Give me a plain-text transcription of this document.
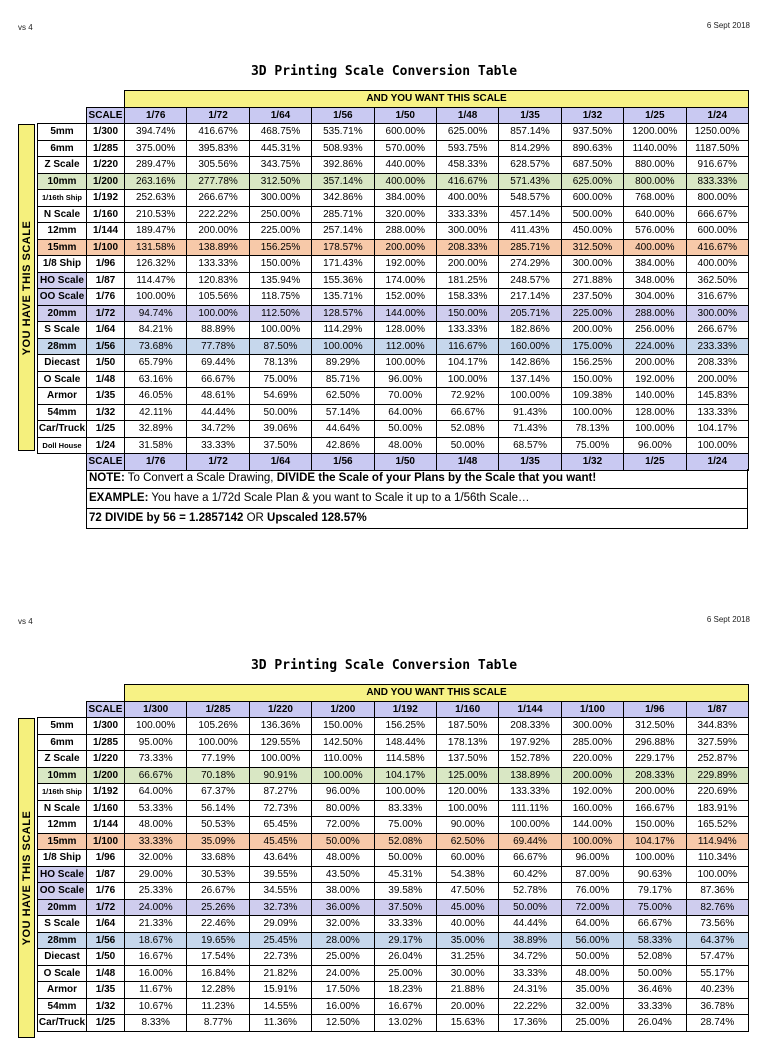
vs 4	6 Sept 2018
3D Printing Scale Conversion Table
YOU HAVE THIS SCALE
		AND YOU WANT THIS SCALE									
	SCALE	1/76	1/72	1/64	1/56	1/50	1/48	1/35	1/32	1/25	1/24
5mm	1/300	394.74%	416.67%	468.75%	535.71%	600.00%	625.00%	857.14%	937.50%	1200.00%	1250.00%
6mm	1/285	375.00%	395.83%	445.31%	508.93%	570.00%	593.75%	814.29%	890.63%	1140.00%	1187.50%
Z Scale	1/220	289.47%	305.56%	343.75%	392.86%	440.00%	458.33%	628.57%	687.50%	880.00%	916.67%
10mm	1/200	263.16%	277.78%	312.50%	357.14%	400.00%	416.67%	571.43%	625.00%	800.00%	833.33%
1/16th Ship	1/192	252.63%	266.67%	300.00%	342.86%	384.00%	400.00%	548.57%	600.00%	768.00%	800.00%
N Scale	1/160	210.53%	222.22%	250.00%	285.71%	320.00%	333.33%	457.14%	500.00%	640.00%	666.67%
12mm	1/144	189.47%	200.00%	225.00%	257.14%	288.00%	300.00%	411.43%	450.00%	576.00%	600.00%
15mm	1/100	131.58%	138.89%	156.25%	178.57%	200.00%	208.33%	285.71%	312.50%	400.00%	416.67%
1/8 Ship	1/96	126.32%	133.33%	150.00%	171.43%	192.00%	200.00%	274.29%	300.00%	384.00%	400.00%
HO Scale	1/87	114.47%	120.83%	135.94%	155.36%	174.00%	181.25%	248.57%	271.88%	348.00%	362.50%
OO Scale	1/76	100.00%	105.56%	118.75%	135.71%	152.00%	158.33%	217.14%	237.50%	304.00%	316.67%
20mm	1/72	94.74%	100.00%	112.50%	128.57%	144.00%	150.00%	205.71%	225.00%	288.00%	300.00%
S Scale	1/64	84.21%	88.89%	100.00%	114.29%	128.00%	133.33%	182.86%	200.00%	256.00%	266.67%
28mm	1/56	73.68%	77.78%	87.50%	100.00%	112.00%	116.67%	160.00%	175.00%	224.00%	233.33%
Diecast	1/50	65.79%	69.44%	78.13%	89.29%	100.00%	104.17%	142.86%	156.25%	200.00%	208.33%
O Scale	1/48	63.16%	66.67%	75.00%	85.71%	96.00%	100.00%	137.14%	150.00%	192.00%	200.00%
Armor	1/35	46.05%	48.61%	54.69%	62.50%	70.00%	72.92%	100.00%	109.38%	140.00%	145.83%
54mm	1/32	42.11%	44.44%	50.00%	57.14%	64.00%	66.67%	91.43%	100.00%	128.00%	133.33%
Car/Truck	1/25	32.89%	34.72%	39.06%	44.64%	50.00%	52.08%	71.43%	78.13%	100.00%	104.17%
Doll House	1/24	31.58%	33.33%	37.50%	42.86%	48.00%	50.00%	68.57%	75.00%	96.00%	100.00%
	SCALE	1/76	1/72	1/64	1/56	1/50	1/48	1/35	1/32	1/25	1/24
NOTE: To Convert a Scale Drawing, DIVIDE the Scale of your Plans by the Scale that you want!
EXAMPLE: You have a 1/72d Scale Plan & you want to Scale it up to a 1/56th Scale…
72 DIVIDE by 56 = 1.2857142 OR Upscaled 128.57%
vs 4	6 Sept 2018
3D Printing Scale Conversion Table
YOU HAVE THIS SCALE
		AND YOU WANT THIS SCALE									
	SCALE	1/300	1/285	1/220	1/200	1/192	1/160	1/144	1/100	1/96	1/87
5mm	1/300	100.00%	105.26%	136.36%	150.00%	156.25%	187.50%	208.33%	300.00%	312.50%	344.83%
6mm	1/285	95.00%	100.00%	129.55%	142.50%	148.44%	178.13%	197.92%	285.00%	296.88%	327.59%
Z Scale	1/220	73.33%	77.19%	100.00%	110.00%	114.58%	137.50%	152.78%	220.00%	229.17%	252.87%
10mm	1/200	66.67%	70.18%	90.91%	100.00%	104.17%	125.00%	138.89%	200.00%	208.33%	229.89%
1/16th Ship	1/192	64.00%	67.37%	87.27%	96.00%	100.00%	120.00%	133.33%	192.00%	200.00%	220.69%
N Scale	1/160	53.33%	56.14%	72.73%	80.00%	83.33%	100.00%	111.11%	160.00%	166.67%	183.91%
12mm	1/144	48.00%	50.53%	65.45%	72.00%	75.00%	90.00%	100.00%	144.00%	150.00%	165.52%
15mm	1/100	33.33%	35.09%	45.45%	50.00%	52.08%	62.50%	69.44%	100.00%	104.17%	114.94%
1/8 Ship	1/96	32.00%	33.68%	43.64%	48.00%	50.00%	60.00%	66.67%	96.00%	100.00%	110.34%
HO Scale	1/87	29.00%	30.53%	39.55%	43.50%	45.31%	54.38%	60.42%	87.00%	90.63%	100.00%
OO Scale	1/76	25.33%	26.67%	34.55%	38.00%	39.58%	47.50%	52.78%	76.00%	79.17%	87.36%
20mm	1/72	24.00%	25.26%	32.73%	36.00%	37.50%	45.00%	50.00%	72.00%	75.00%	82.76%
S Scale	1/64	21.33%	22.46%	29.09%	32.00%	33.33%	40.00%	44.44%	64.00%	66.67%	73.56%
28mm	1/56	18.67%	19.65%	25.45%	28.00%	29.17%	35.00%	38.89%	56.00%	58.33%	64.37%
Diecast	1/50	16.67%	17.54%	22.73%	25.00%	26.04%	31.25%	34.72%	50.00%	52.08%	57.47%
O Scale	1/48	16.00%	16.84%	21.82%	24.00%	25.00%	30.00%	33.33%	48.00%	50.00%	55.17%
Armor	1/35	11.67%	12.28%	15.91%	17.50%	18.23%	21.88%	24.31%	35.00%	36.46%	40.23%
54mm	1/32	10.67%	11.23%	14.55%	16.00%	16.67%	20.00%	22.22%	32.00%	33.33%	36.78%
Car/Truck	1/25	8.33%	8.77%	11.36%	12.50%	13.02%	15.63%	17.36%	25.00%	26.04%	28.74%
